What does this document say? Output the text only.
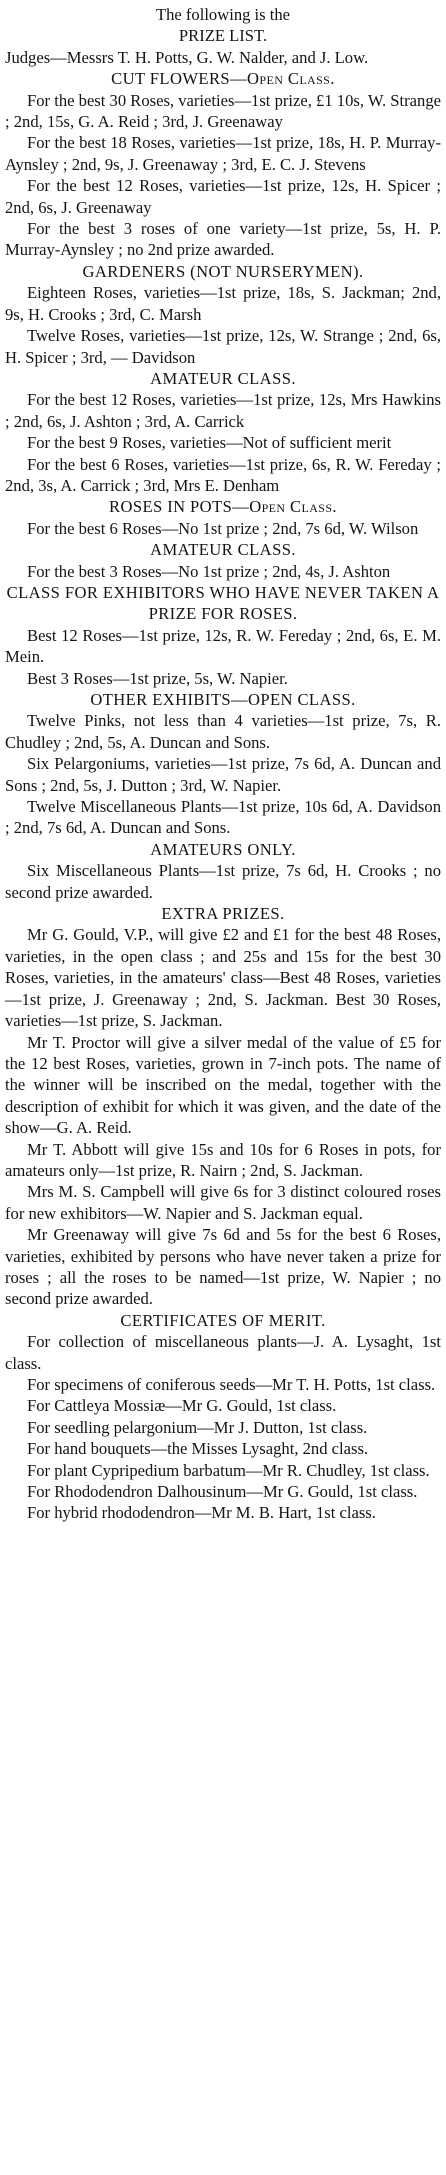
The following is the

PRIZE LIST.

Judges—Messrs T. H. Potts, G. W. Nalder, and J. Low.

CUT FLOWERS—Open Class.

For the best 30 Roses, varieties—1st prize, £1 10s, W. Strange ; 2nd, 15s, G. A. Reid ; 3rd, J. Greenaway

For the best 18 Roses, varieties—1st prize, 18s, H. P. Murray-Aynsley ; 2nd, 9s, J. Greenaway ; 3rd, E. C. J. Stevens

For the best 12 Roses, varieties—1st prize, 12s, H. Spicer ; 2nd, 6s, J. Greenaway

For the best 3 roses of one variety—1st prize, 5s, H. P. Murray-Aynsley ; no 2nd prize awarded.

GARDENERS (NOT NURSERYMEN).

Eighteen Roses, varieties—1st prize, 18s, S. Jackman; 2nd, 9s, H. Crooks ; 3rd, C. Marsh

Twelve Roses, varieties—1st prize, 12s, W. Strange ; 2nd, 6s, H. Spicer ; 3rd, — Davidson

AMATEUR CLASS.

For the best 12 Roses, varieties—1st prize, 12s, Mrs Hawkins ; 2nd, 6s, J. Ashton ; 3rd, A. Carrick

For the best 9 Roses, varieties—Not of sufficient merit

For the best 6 Roses, varieties—1st prize, 6s, R. W. Fereday ; 2nd, 3s, A. Carrick ; 3rd, Mrs E. Denham

ROSES IN POTS—Open Class.

For the best 6 Roses—No 1st prize ; 2nd, 7s 6d, W. Wilson

AMATEUR CLASS.

For the best 3 Roses—No 1st prize ; 2nd, 4s, J. Ashton

CLASS FOR EXHIBITORS WHO HAVE NEVER TAKEN A PRIZE FOR ROSES.

Best 12 Roses—1st prize, 12s, R. W. Fereday ; 2nd, 6s, E. M. Mein.

Best 3 Roses—1st prize, 5s, W. Napier.

OTHER EXHIBITS—OPEN CLASS.

Twelve Pinks, not less than 4 varieties—1st prize, 7s, R. Chudley ; 2nd, 5s, A. Duncan and Sons.

Six Pelargoniums, varieties—1st prize, 7s 6d, A. Duncan and Sons ; 2nd, 5s, J. Dutton ; 3rd, W. Napier.

Twelve Miscellaneous Plants—1st prize, 10s 6d, A. Davidson ; 2nd, 7s 6d, A. Duncan and Sons.

AMATEURS ONLY.

Six Miscellaneous Plants—1st prize, 7s 6d, H. Crooks ; no second prize awarded.

EXTRA PRIZES.

Mr G. Gould, V.P., will give £2 and £1 for the best 48 Roses, varieties, in the open class ; and 25s and 15s for the best 30 Roses, varieties, in the amateurs' class—Best 48 Roses, varieties—1st prize, J. Greenaway ; 2nd, S. Jackman. Best 30 Roses, varieties—1st prize, S. Jackman.

Mr T. Proctor will give a silver medal of the value of £5 for the 12 best Roses, varieties, grown in 7-inch pots. The name of the winner will be inscribed on the medal, together with the description of exhibit for which it was given, and the date of the show—G. A. Reid.

Mr T. Abbott will give 15s and 10s for 6 Roses in pots, for amateurs only—1st prize, R. Nairn ; 2nd, S. Jackman.

Mrs M. S. Campbell will give 6s for 3 distinct coloured roses for new exhibitors—W. Napier and S. Jackman equal.

Mr Greenaway will give 7s 6d and 5s for the best 6 Roses, varieties, exhibited by persons who have never taken a prize for roses ; all the roses to be named—1st prize, W. Napier ; no second prize awarded.

CERTIFICATES OF MERIT.

For collection of miscellaneous plants—J. A. Lysaght, 1st class.

For specimens of coniferous seeds—Mr T. H. Potts, 1st class.

For Cattleya Mossiæ—Mr G. Gould, 1st class.

For seedling pelargonium—Mr J. Dutton, 1st class.

For hand bouquets—the Misses Lysaght, 2nd class.

For plant Cypripedium barbatum—Mr R. Chudley, 1st class.

For Rhododendron Dalhousinum—Mr G. Gould, 1st class.

For hybrid rhododendron—Mr M. B. Hart, 1st class.
